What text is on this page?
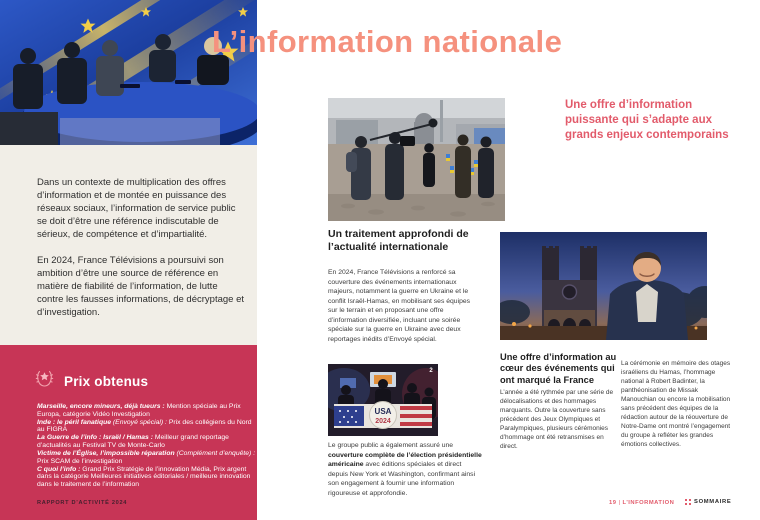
L’information nationale

Dans un contexte de multiplication des offres d’information et de montée en puissance des réseaux sociaux, l’information de service public se doit d’être une référence indiscutable de sérieux, de compétence et d’impartialité.

En 2024, France Télévisions a poursuivi son ambition d’être une source de référence en matière de fiabilité de l’information, de lutte contre les fausses informations, de décryptage et d’investigation.

Prix obtenus

Marseille, encore mineurs, déjà tueurs : Mention spéciale au Prix Europa, catégorie Vidéo Investigation

Inde : le péril fanatique (Envoyé spécial) : Prix des collégiens du Nord au FIGRA

La Guerre de l’info : Israël / Hamas : Meilleur grand reportage d’actualités au Festival TV de Monte-Carlo

Victime de l’Église, l’impossible réparation (Complément d’enquête) : Prix SCAM de l’investigation

C quoi l’info : Grand Prix Stratégie de l’innovation Média, Prix argent dans la catégorie Meilleures initiatives éditoriales / meilleure innovation dans le traitement de l’information

RAPPORT D’ACTIVITÉ 2024
Un traitement approfondi de l’actualité internationale
En 2024, France Télévisions a renforcé sa couverture des événements internationaux majeurs, notamment la guerre en Ukraine et le conflit Israël-Hamas, en mobilisant ses équipes sur le terrain et en proposant une offre d’information diversifiée, incluant une soirée spéciale sur la guerre en Ukraine avec deux reportages inédits d’Envoyé spécial.
USA
2024
2
Le groupe public a également assuré une couverture complète de l’élection présidentielle américaine avec éditions spéciales et direct depuis New York et Washington, confirmant ainsi son engagement à fournir une information rigoureuse et approfondie.
Une offre d’information puissante qui s’adapte aux grands enjeux contemporains
Une offre d’information au cœur des événements qui ont marqué la France
L’année a été rythmée par une série de délocalisations et des hommages marquants. Outre la couverture sans précédent des Jeux Olympiques et Paralympiques, plusieurs cérémonies d’hommage ont été retransmises en direct.
La cérémonie en mémoire des otages israéliens du Hamas, l’hommage national à Robert Badinter, la panthéonisation de Missak Manouchian ou encore la mobilisation sans précédent des équipes de la rédaction autour de la réouverture de Notre-Dame ont montré l’engagement du groupe à refléter les grandes émotions collectives.
19 | L’INFORMATION	SOMMAIRE
